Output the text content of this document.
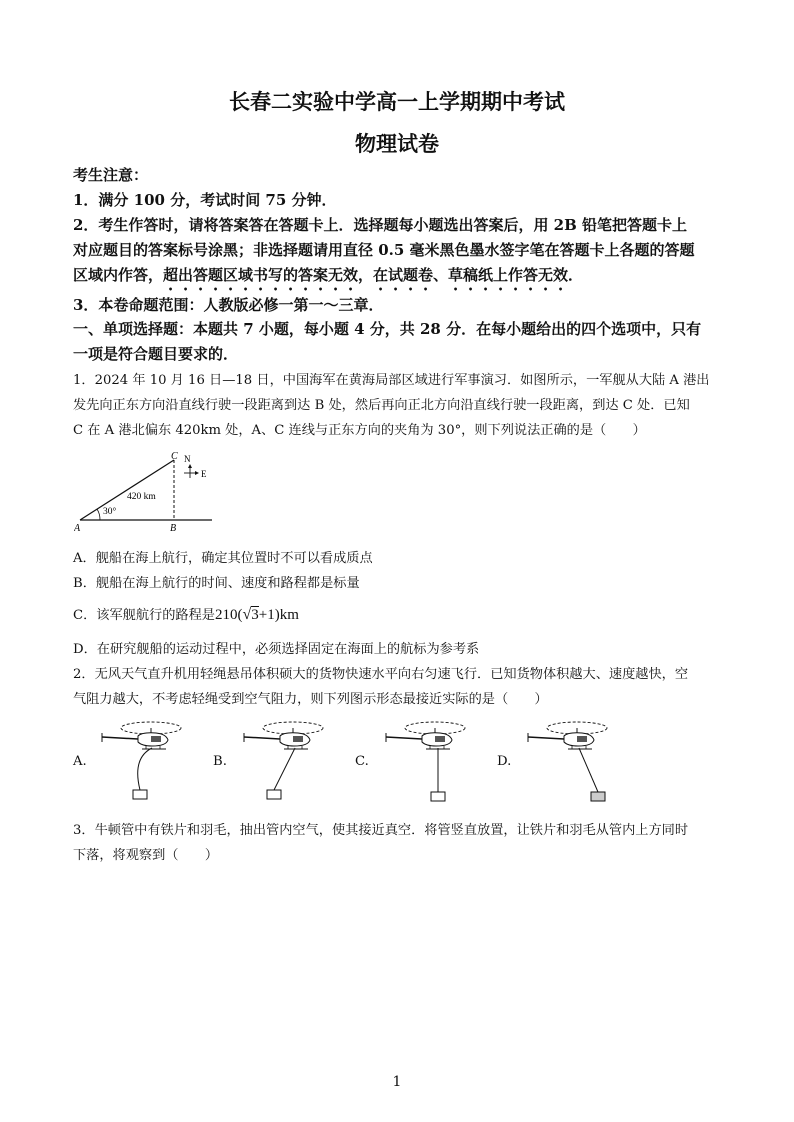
长春二实验中学高一上学期期中考试
物理试卷
考生注意：
1．满分 100 分，考试时间 75 分钟．
2．考生作答时，请将答案答在答题卡上．选择题每小题选出答案后，用 2B 铅笔把答题卡上
对应题目的答案标号涂黑；非选择题请用直径 0.5 毫米黑色墨水签字笔在答题卡上各题的答题
区域内作答，超出答题区域书写的答案无效，在试题卷、草稿纸上作答无效．
3．本卷命题范围：人教版必修一第一～三章．
一、单项选择题：本题共 7 小题，每小题 4 分，共 28 分．在每小题给出的四个选项中，只有
一项是符合题目要求的．
1．2024 年 10 月 16 日—18 日，中国海军在黄海局部区域进行军事演习．如图所示，一军舰从大陆 A 港出
发先向正东方向沿直线行驶一段距离到达 B 处，然后再向正北方向沿直线行驶一段距离，到达 C 处．已知
C 在 A 港北偏东 420km 处，A、C 连线与正东方向的夹角为 30°，则下列说法正确的是（　　）
A	B
C N
E
420 km
30°
A．舰船在海上航行，确定其位置时不可以看成质点
B．舰船在海上航行的时间、速度和路程都是标量
C．该军舰航行的路程是210(√3+1)km
D．在研究舰船的运动过程中，必须选择固定在海面上的航标为参考系
2．无风天气直升机用轻绳悬吊体积硕大的货物快速水平向右匀速飞行．已知货物体积越大、速度越快，空
气阻力越大，不考虑轻绳受到空气阻力，则下列图示形态最接近实际的是（　　）
A.	B.	C.	D.
3．牛顿管中有铁片和羽毛，抽出管内空气，使其接近真空．将管竖直放置，让铁片和羽毛从管内上方同时
下落，将观察到（　　）
1
